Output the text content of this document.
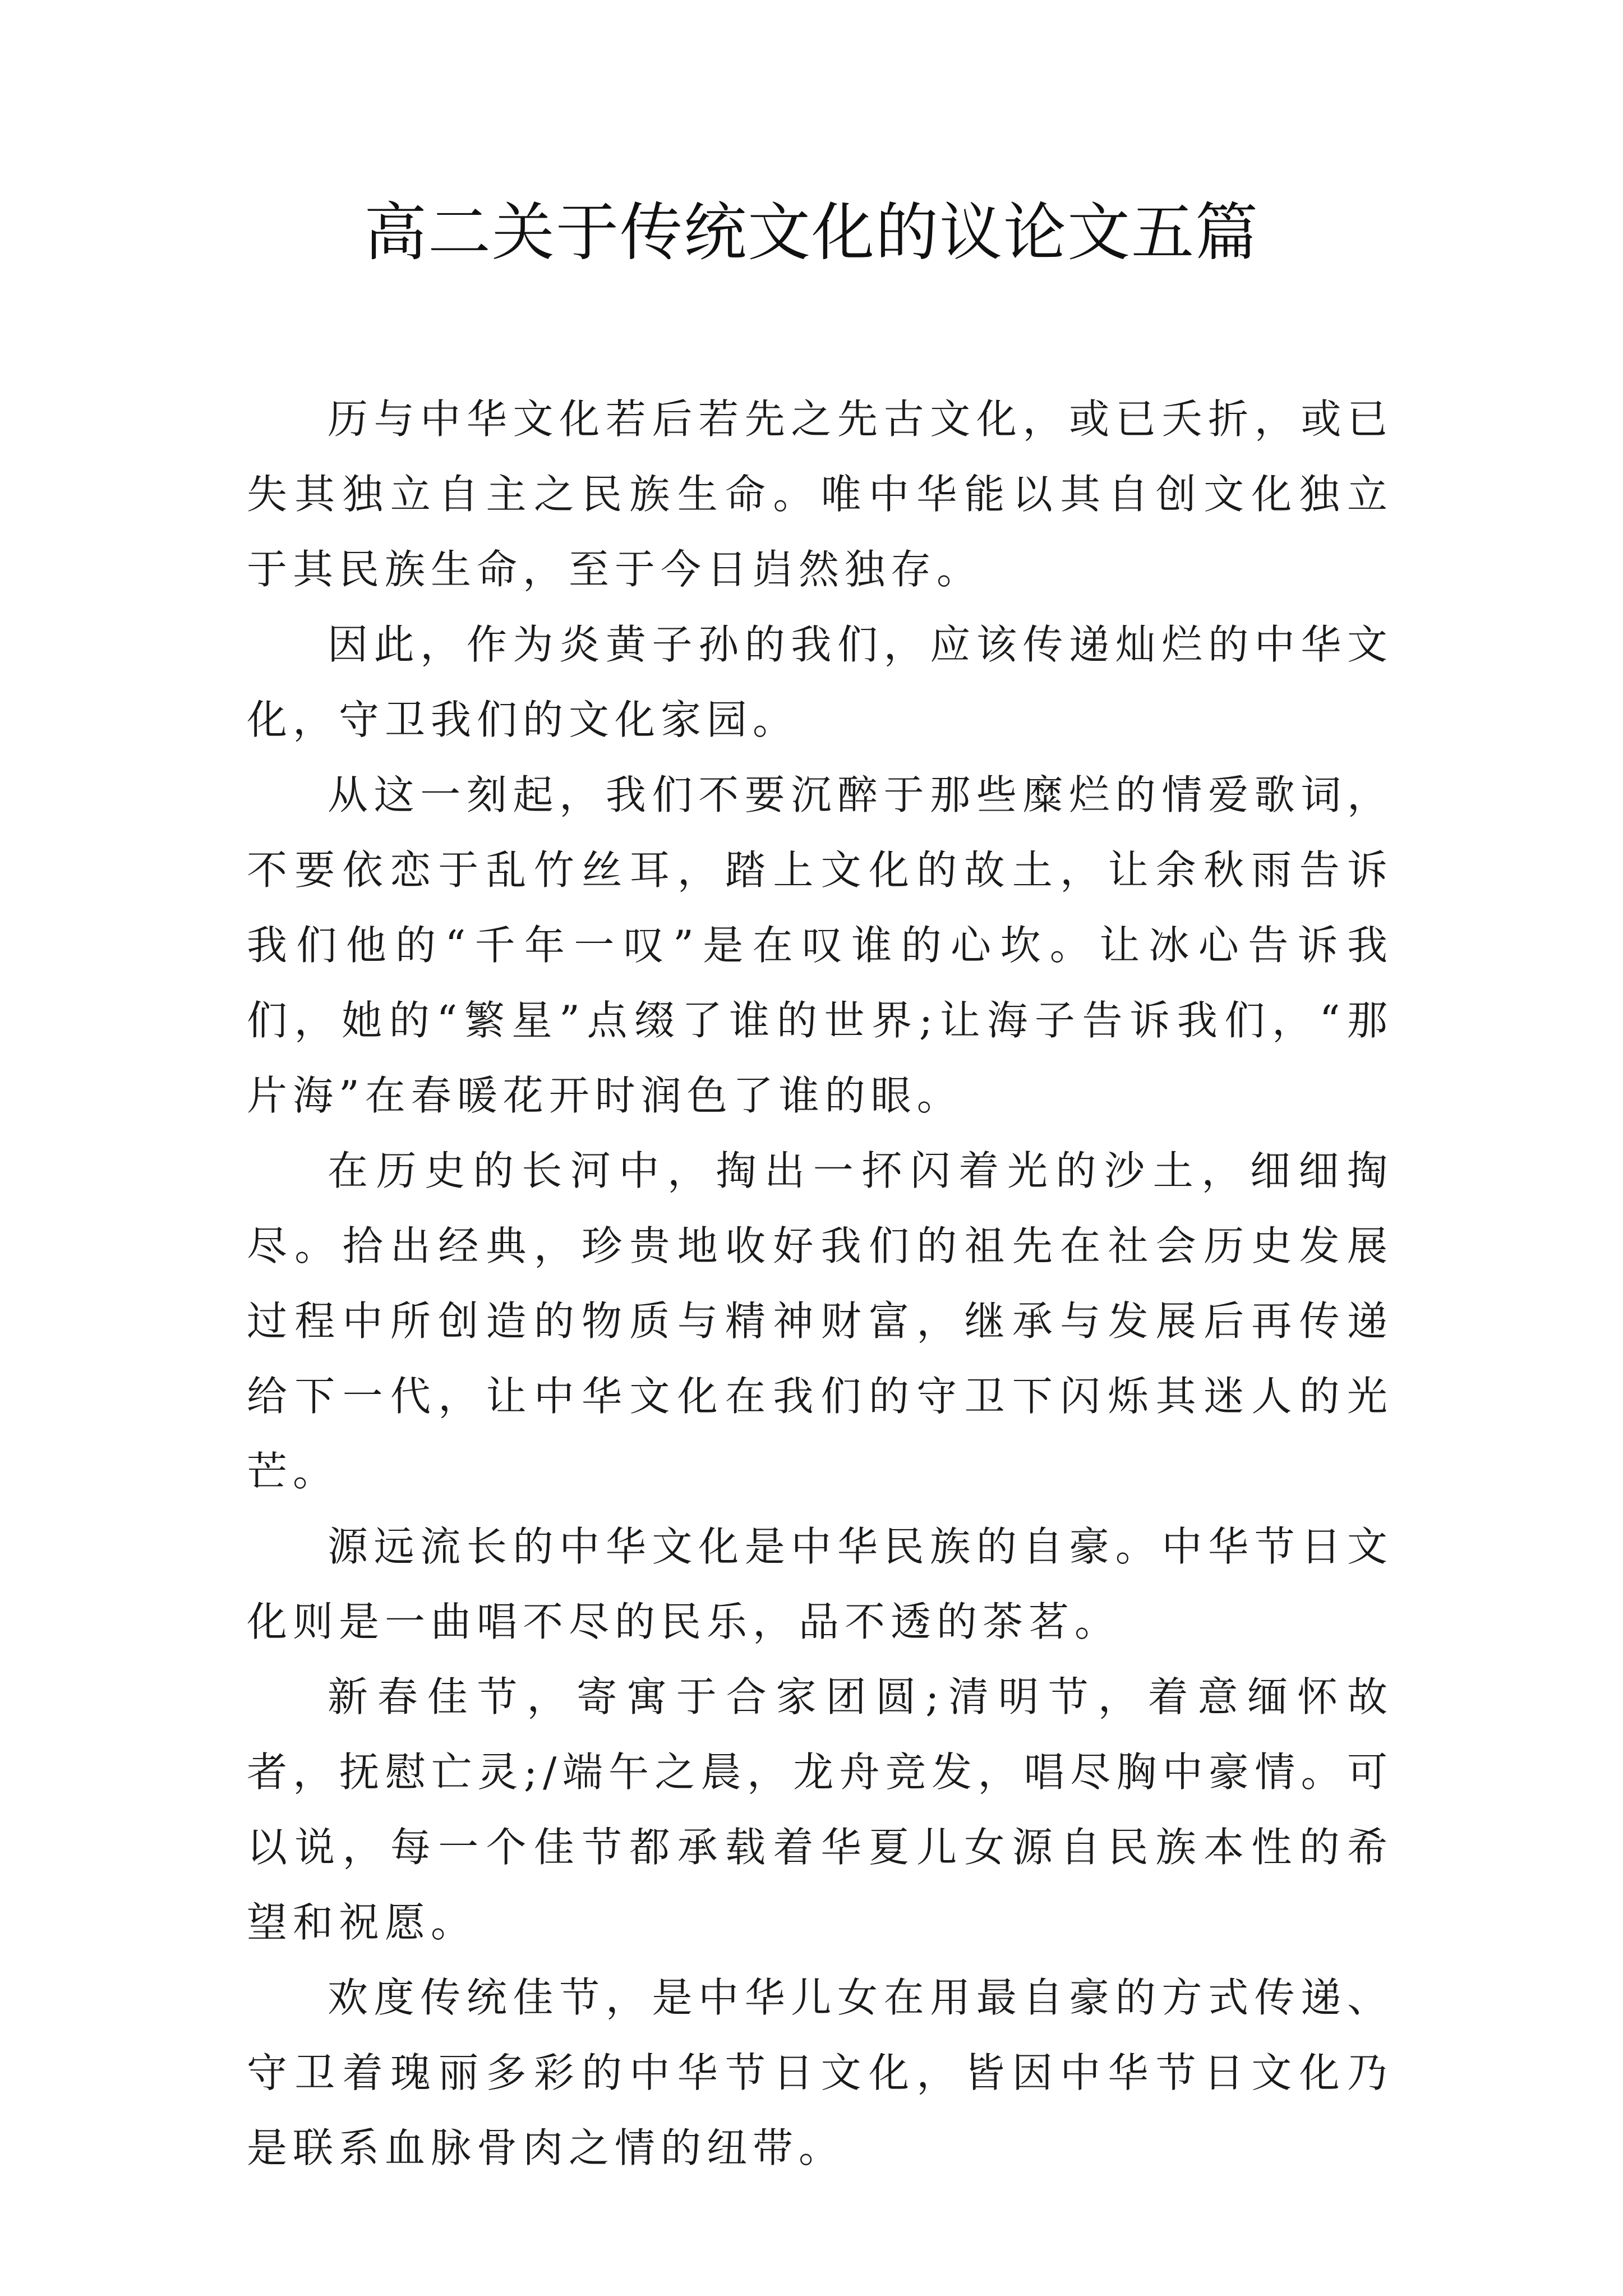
高二关于传统文化的议论文五篇

历与中华文化若后若先之先古文化，或已夭折，或已失其独立自主之民族生命。唯中华能以其自创文化独立于其民族生命，至于今日岿然独存。

因此，作为炎黄子孙的我们，应该传递灿烂的中华文化，守卫我们的文化家园。

从这一刻起，我们不要沉醉于那些糜烂的情爱歌词，不要依恋于乱竹丝耳，踏上文化的故土，让余秋雨告诉我们他的“千年一叹”是在叹谁的心坎。让冰心告诉我们，她的“繁星”点缀了谁的世界;让海子告诉我们，“那片海”在春暖花开时润色了谁的眼。

在历史的长河中，掏出一抔闪着光的沙土，细细掏尽。拾出经典，珍贵地收好我们的祖先在社会历史发展过程中所创造的物质与精神财富，继承与发展后再传递给下一代，让中华文化在我们的守卫下闪烁其迷人的光芒。

源远流长的中华文化是中华民族的自豪。中华节日文化则是一曲唱不尽的民乐，品不透的茶茗。

新春佳节，寄寓于合家团圆;清明节，着意缅怀故者，抚慰亡灵;/端午之晨，龙舟竞发，唱尽胸中豪情。可以说，每一个佳节都承载着华夏儿女源自民族本性的希望和祝愿。

欢度传统佳节，是中华儿女在用最自豪的方式传递、守卫着瑰丽多彩的中华节日文化，皆因中华节日文化乃是联系血脉骨肉之情的纽带。
